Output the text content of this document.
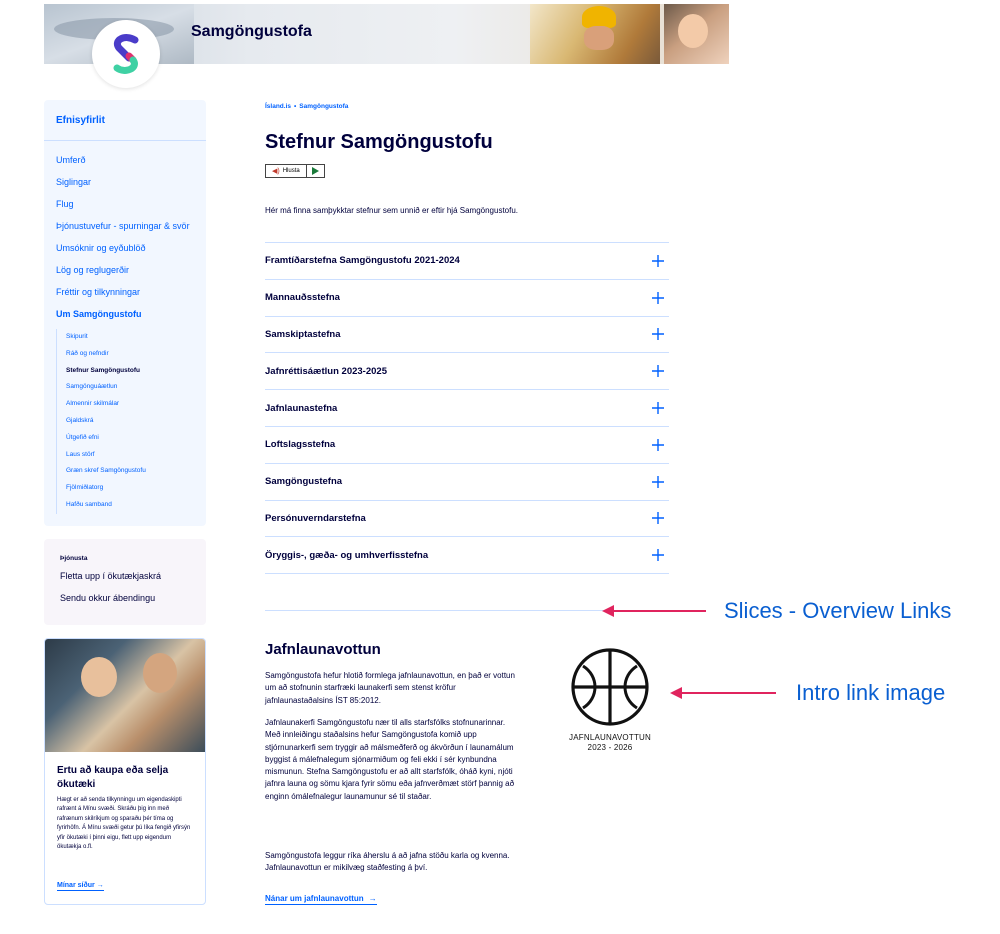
Samgöngustofa
Efnisyfirlit
Umferð
Siglingar
Flug
Þjónustuvefur - spurningar & svör
Umsóknir og eyðublöð
Lög og reglugerðir
Fréttir og tilkynningar
Um Samgöngustofu
Skipurit
Ráð og nefndir
Stefnur Samgöngustofu
Samgönguáætlun
Almennir skilmálar
Gjaldskrá
Útgefið efni
Laus störf
Græn skref Samgöngustofu
Fjölmiðlatorg
Hafðu samband
Þjónusta
Fletta upp í ökutækjaskrá
Sendu okkur ábendingu
Ertu að kaupa eða selja ökutæki
Hægt er að senda tilkynningu um eigendaskipti rafrænt á Mínu svæði. Skráðu þig inn með rafrænum skilríkjum og sparaðu þér tíma og fyrirhöfn. Á Mínu svæði getur þú líka fengið yfirsýn yfir ökutæki í þinni eigu, flett upp eigendum ökutækja o.fl.
Mínar síður →
Ísland.is • Samgöngustofa
Stefnur Samgöngustofu
◀) Hlusta

Hér má finna samþykktar stefnur sem unnið er eftir hjá Samgöngustofu.

Framtíðarstefna Samgöngustofu 2021-2024
Mannauðsstefna
Samskiptastefna
Jafnréttisáætlun 2023-2025
Jafnlaunastefna
Loftslagsstefna
Samgöngustefna
Persónuverndarstefna
Öryggis-, gæða- og umhverfisstefna
Slices - Overview Links
Intro link image
Jafnlaunavottun

Samgöngustofa hefur hlotið formlega jafnlaunavottun, en það er vottun um að stofnunin starfræki launakerfi sem stenst kröfur jafnlaunastaðalsins ÍST 85:2012.

Jafnlaunakerfi Samgöngustofu nær til alls starfsfólks stofnunarinnar. Með innleiðingu staðalsins hefur Samgöngustofa komið upp stjórnunarkerfi sem tryggir að málsmeðferð og ákvörðun í launamálum byggist á málefnalegum sjónarmiðum og feli ekki í sér kynbundna mismunun. Stefna Samgöngustofu er að allt starfsfólk, óháð kyni, njóti jafnra launa og sömu kjara fyrir sömu eða jafnverðmæt störf þannig að enginn ómálefnalegur launamunur sé til staðar.

Samgöngustofa leggur ríka áherslu á að jafna stöðu karla og kvenna. Jafnlaunavottun er mikilvæg staðfesting á því.

Nánar um jafnlaunavottun →
JAFNLAUNAVOTTUN
2023 - 2026
